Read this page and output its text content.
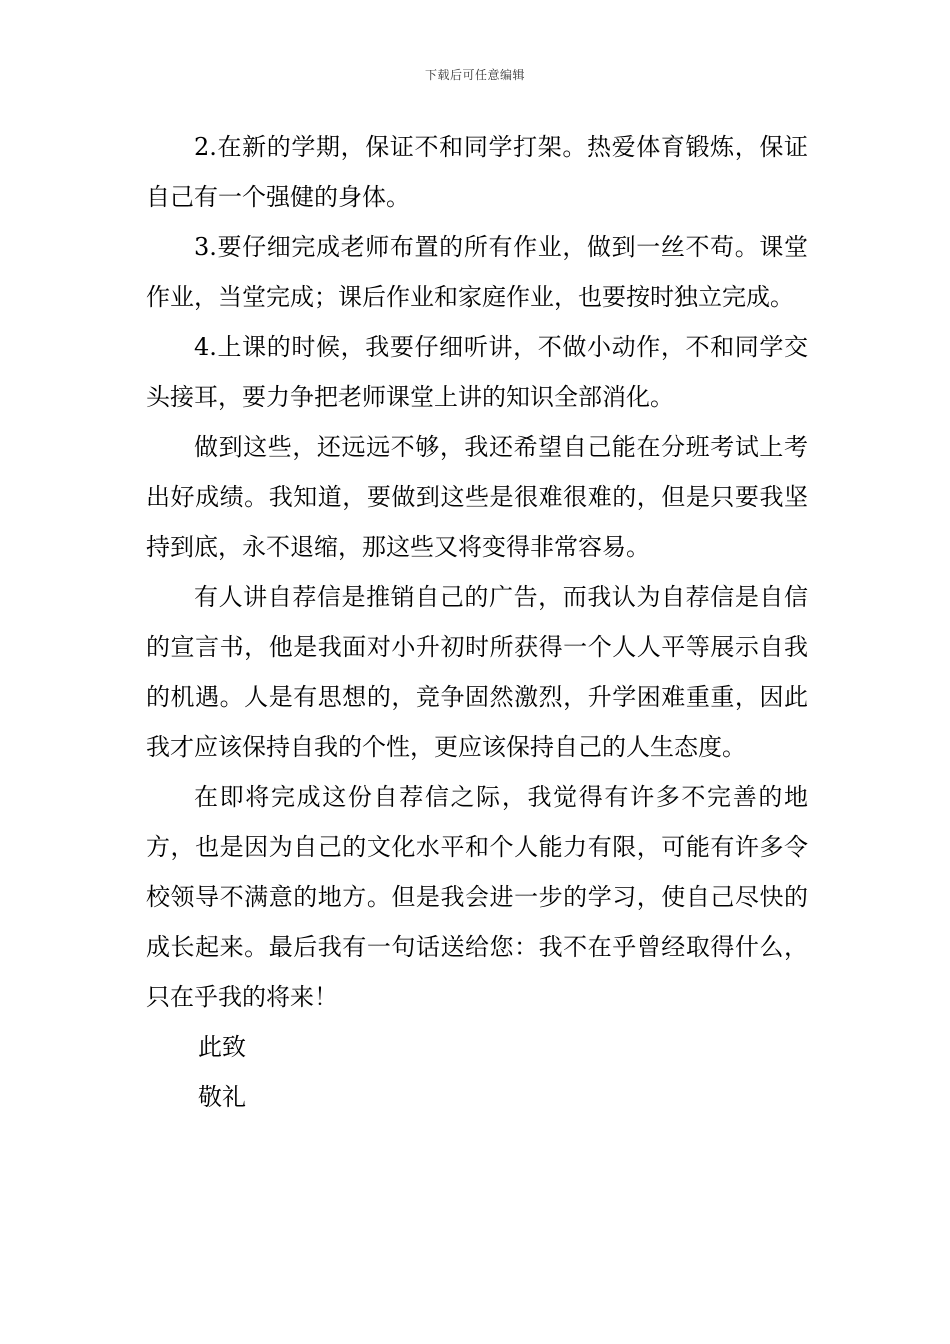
下载后可任意编辑

2.在新的学期，保证不和同学打架。热爱体育锻炼，保证自己有一个强健的身体。

3.要仔细完成老师布置的所有作业，做到一丝不苟。课堂作业，当堂完成；课后作业和家庭作业，也要按时独立完成。

4.上课的时候，我要仔细听讲，不做小动作，不和同学交头接耳，要力争把老师课堂上讲的知识全部消化。

做到这些，还远远不够，我还希望自己能在分班考试上考出好成绩。我知道，要做到这些是很难很难的，但是只要我坚持到底，永不退缩，那这些又将变得非常容易。

有人讲自荐信是推销自己的广告，而我认为自荐信是自信的宣言书，他是我面对小升初时所获得一个人人平等展示自我的机遇。人是有思想的，竞争固然激烈，升学困难重重，因此我才应该保持自我的个性，更应该保持自己的人生态度。

在即将完成这份自荐信之际，我觉得有许多不完善的地方，也是因为自己的文化水平和个人能力有限，可能有许多令校领导不满意的地方。但是我会进一步的学习，使自己尽快的成长起来。最后我有一句话送给您：我不在乎曾经取得什么，只在乎我的将来！

此致

敬礼
